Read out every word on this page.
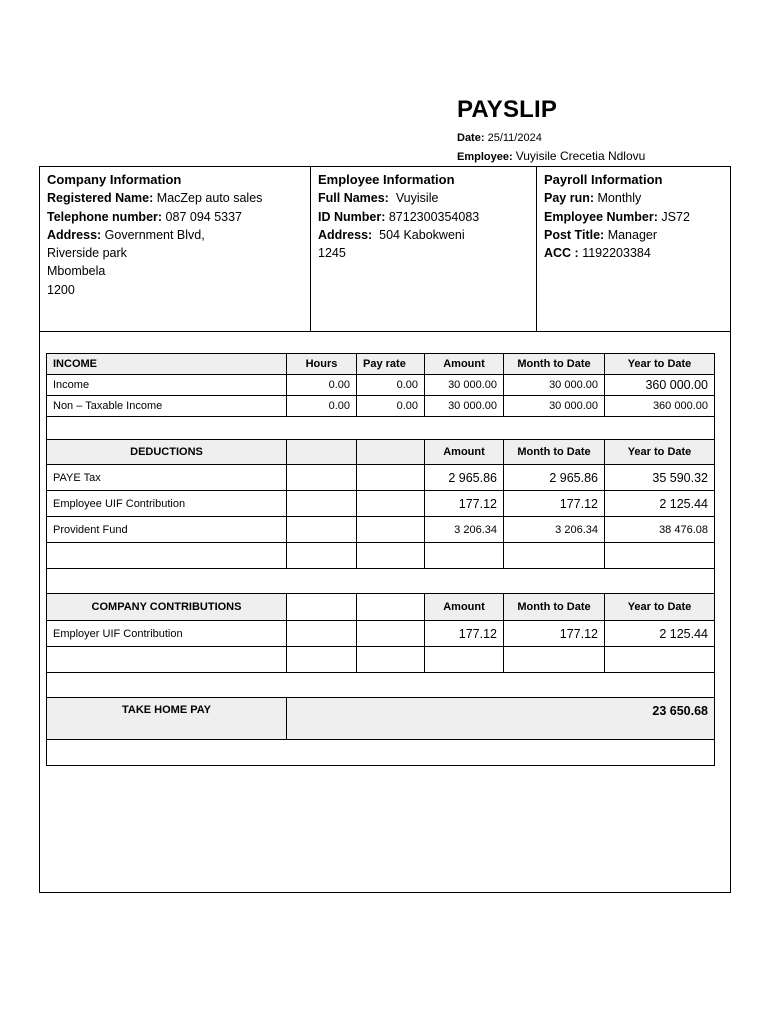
PAYSLIP
Date: 25/11/2024
Employee: Vuyisile Crecetia Ndlovu
Company Information
Registered Name: MacZep auto sales
Telephone number: 087 094 5337
Address: Government Blvd,
Riverside park
Mbombela
1200
Employee Information
Full Names: Vuyisile
ID Number: 8712300354083
Address: 504 Kabokweni
1245
Payroll Information
Pay run: Monthly
Employee Number: JS72
Post Title: Manager
ACC : 1192203384
INCOME	Hours	Pay rate	Amount	Month to Date	Year to Date
Income	0.00	0.00	30 000.00	30 000.00	360 000.00
Non – Taxable Income	0.00	0.00	30 000.00	30 000.00	360 000.00

DEDUCTIONS			Amount	Month to Date	Year to Date
PAYE Tax			2 965.86	2 965.86	35 590.32
Employee UIF Contribution			177.12	177.12	2 125.44
Provident Fund			3 206.34	3 206.34	38 476.08

COMPANY CONTRIBUTIONS			Amount	Month to Date	Year to Date
Employer UIF Contribution			177.12	177.12	2 125.44

TAKE HOME PAY	23 650.68				
